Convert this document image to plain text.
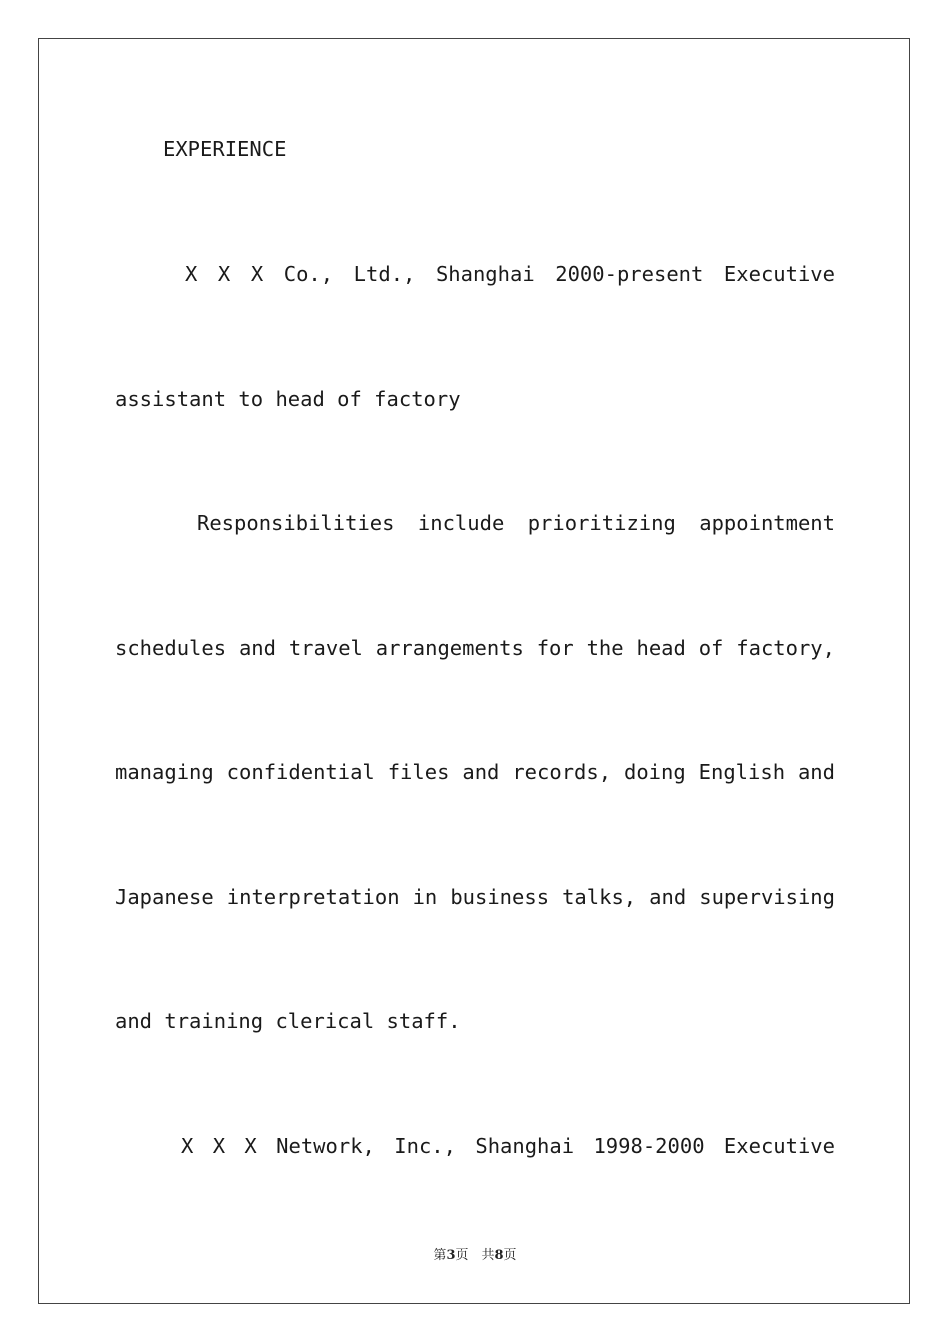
EXPERIENCE
X X X Co., Ltd., Shanghai 2000-present Executive
assistant to head of factory
Responsibilities include prioritizing appointment
schedules and travel arrangements for the head of factory,
managing confidential files and records, doing English and
Japanese interpretation in business talks, and supervising
and training clerical staff.
X X X Network, Inc., Shanghai 1998-2000 Executive
第3页　共8页
